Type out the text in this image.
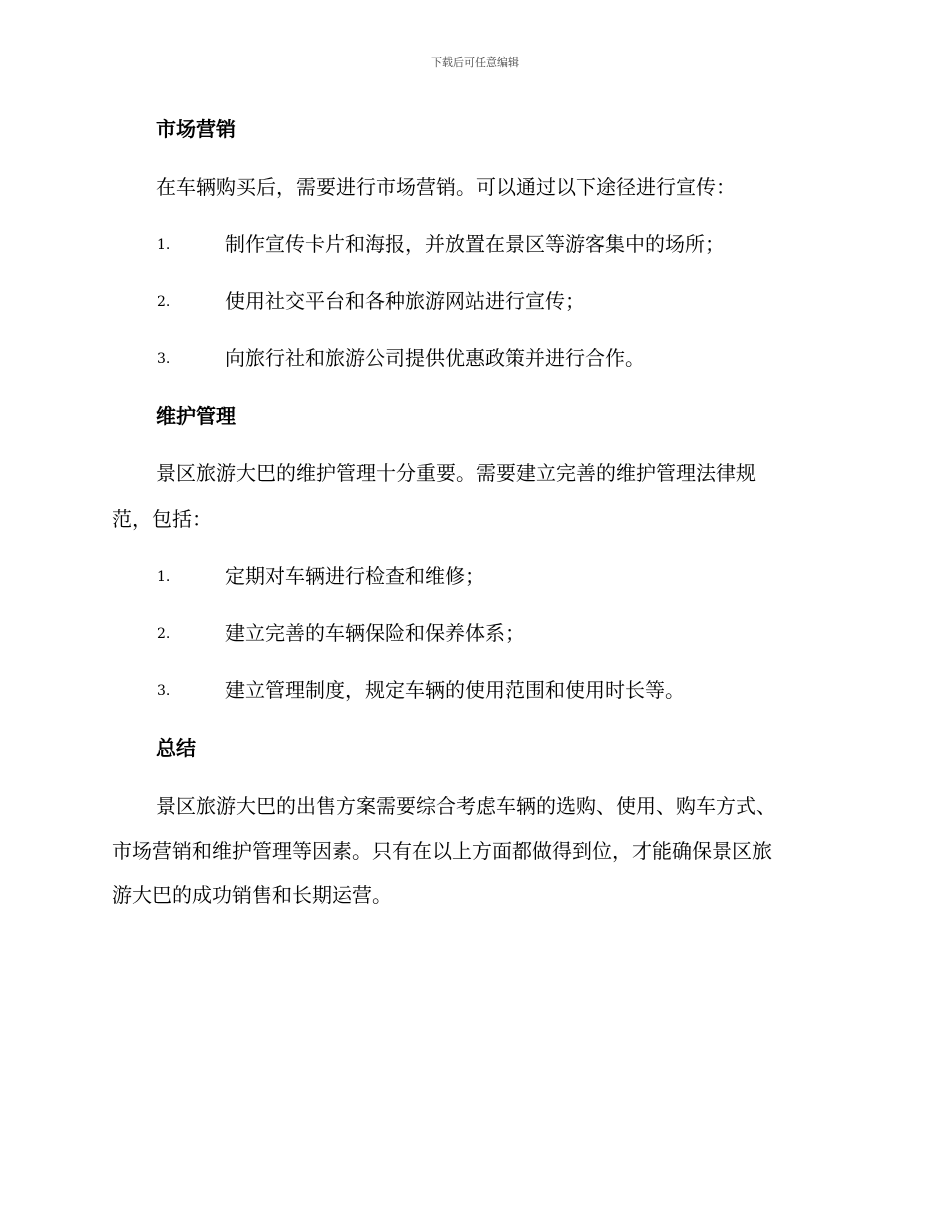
下载后可任意编辑
市场营销
在车辆购买后，需要进行市场营销。可以通过以下途径进行宣传：
1.	制作宣传卡片和海报，并放置在景区等游客集中的场所；
2.	使用社交平台和各种旅游网站进行宣传；
3.	向旅行社和旅游公司提供优惠政策并进行合作。
维护管理
景区旅游大巴的维护管理十分重要。需要建立完善的维护管理法律规
范，包括：
1.	定期对车辆进行检查和维修；
2.	建立完善的车辆保险和保养体系；
3.	建立管理制度，规定车辆的使用范围和使用时长等。
总结
景区旅游大巴的出售方案需要综合考虑车辆的选购、使用、购车方式、
市场营销和维护管理等因素。只有在以上方面都做得到位，才能确保景区旅
游大巴的成功销售和长期运营。
